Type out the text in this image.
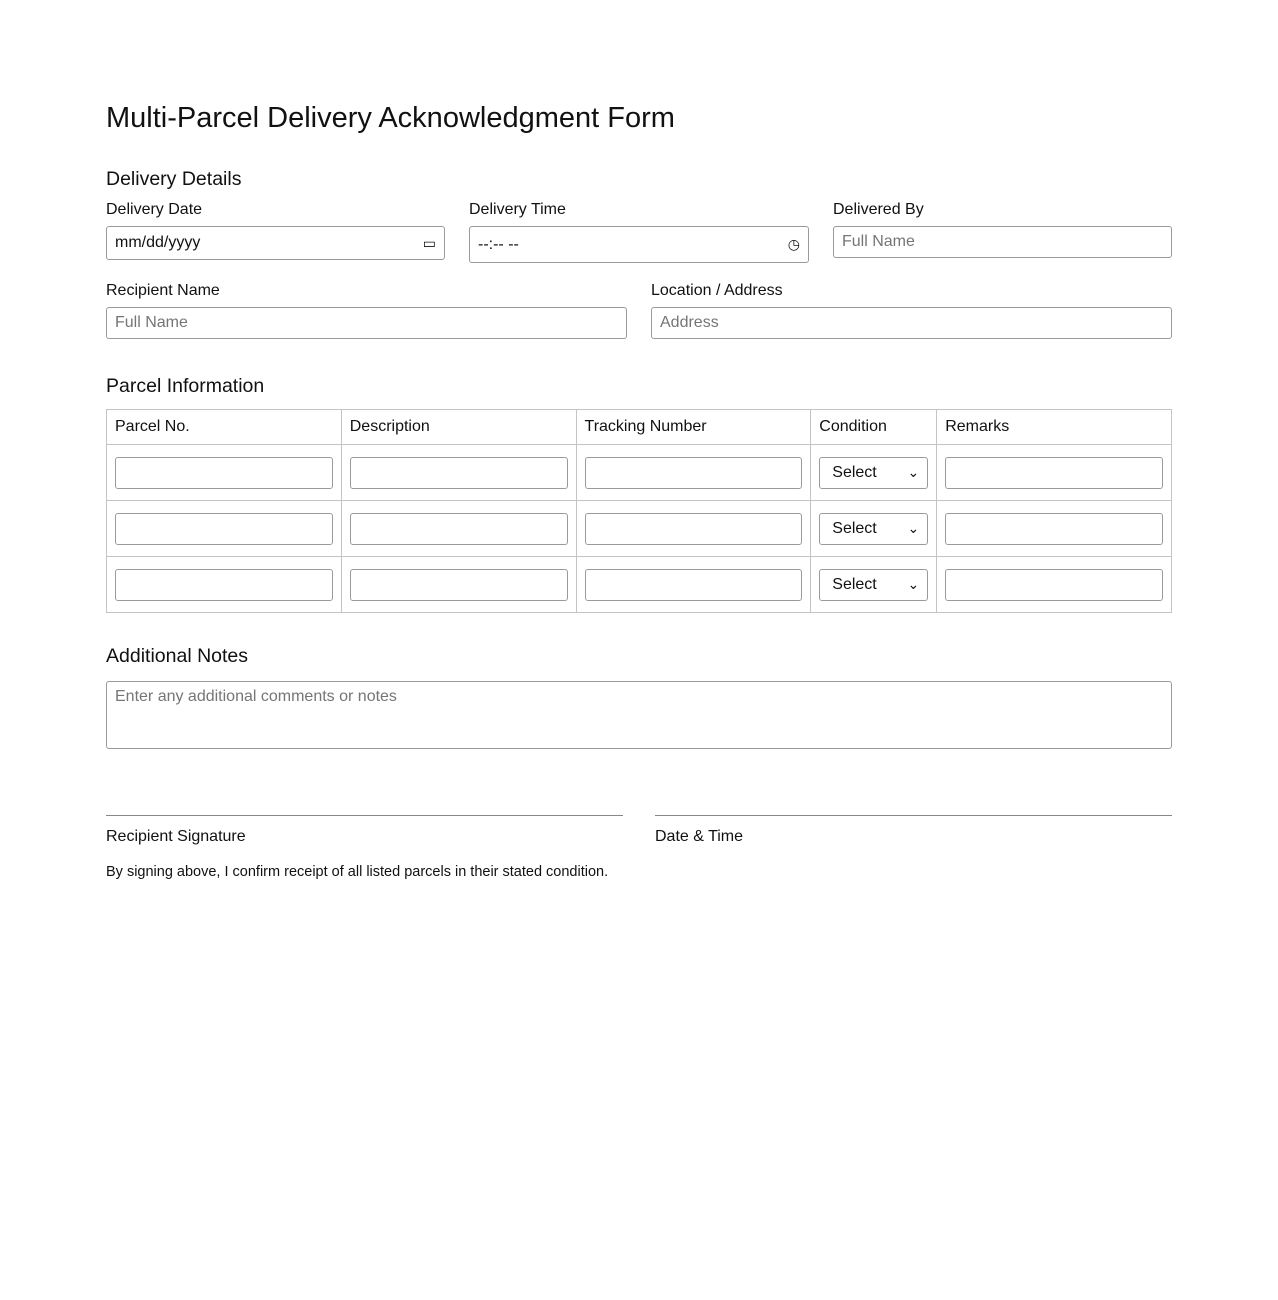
Multi-Parcel Delivery Acknowledgment Form
Delivery Details
Delivery Date
mm/dd/yyyy	▭
Delivery Time
--:-- --	◷
Delivered By
Full Name
Recipient Name
Full Name
Location / Address
Address
Parcel Information
Parcel No.	Description	Tracking Number	Condition	Remarks

			Select ⌄	

			Select ⌄	

			Select ⌄	

Additional Notes
Enter any additional comments or notes
Recipient Signature	Date & Time
By signing above, I confirm receipt of all listed parcels in their stated condition.
